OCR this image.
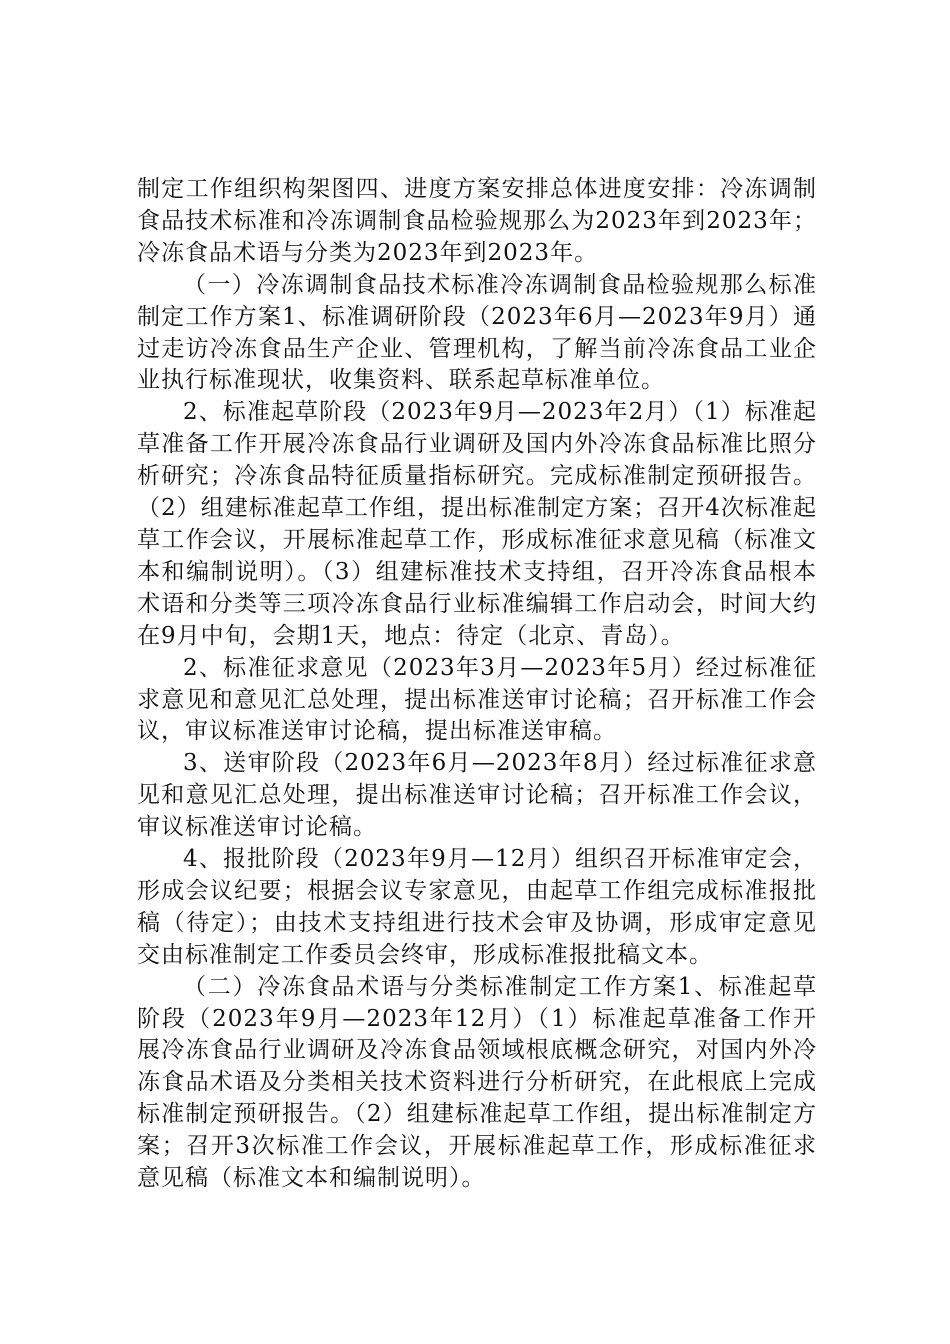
制定工作组织构架图四、进度方案安排总体进度安排：冷冻调制食品技术标准和冷冻调制食品检验规那么为2023年到2023年；冷冻食品术语与分类为2023年到2023年。

（一）冷冻调制食品技术标准冷冻调制食品检验规那么标准制定工作方案1、标准调研阶段（2023年6月—2023年9月）通过走访冷冻食品生产企业、管理机构，了解当前冷冻食品工业企业执行标准现状，收集资料、联系起草标准单位。

2、标准起草阶段（2023年9月—2023年2月）（1）标准起草准备工作开展冷冻食品行业调研及国内外冷冻食品标准比照分析研究；冷冻食品特征质量指标研究。完成标准制定预研报告。（2）组建标准起草工作组，提出标准制定方案；召开4次标准起草工作会议，开展标准起草工作，形成标准征求意见稿（标准文本和编制说明）。（3）组建标准技术支持组，召开冷冻食品根本术语和分类等三项冷冻食品行业标准编辑工作启动会，时间大约在9月中旬，会期1天，地点：待定（北京、青岛）。

2、标准征求意见（2023年3月—2023年5月）经过标准征求意见和意见汇总处理，提出标准送审讨论稿；召开标准工作会议，审议标准送审讨论稿，提出标准送审稿。

3、送审阶段（2023年6月—2023年8月）经过标准征求意见和意见汇总处理，提出标准送审讨论稿；召开标准工作会议，审议标准送审讨论稿。

4、报批阶段（2023年9月—12月）组织召开标准审定会，形成会议纪要；根据会议专家意见，由起草工作组完成标准报批稿（待定）；由技术支持组进行技术会审及协调，形成审定意见交由标准制定工作委员会终审，形成标准报批稿文本。

（二）冷冻食品术语与分类标准制定工作方案1、标准起草阶段（2023年9月—2023年12月）（1）标准起草准备工作开展冷冻食品行业调研及冷冻食品领域根底概念研究，对国内外冷冻食品术语及分类相关技术资料进行分析研究，在此根底上完成标准制定预研报告。（2）组建标准起草工作组，提出标准制定方案；召开3次标准工作会议，开展标准起草工作，形成标准征求意见稿（标准文本和编制说明）。
